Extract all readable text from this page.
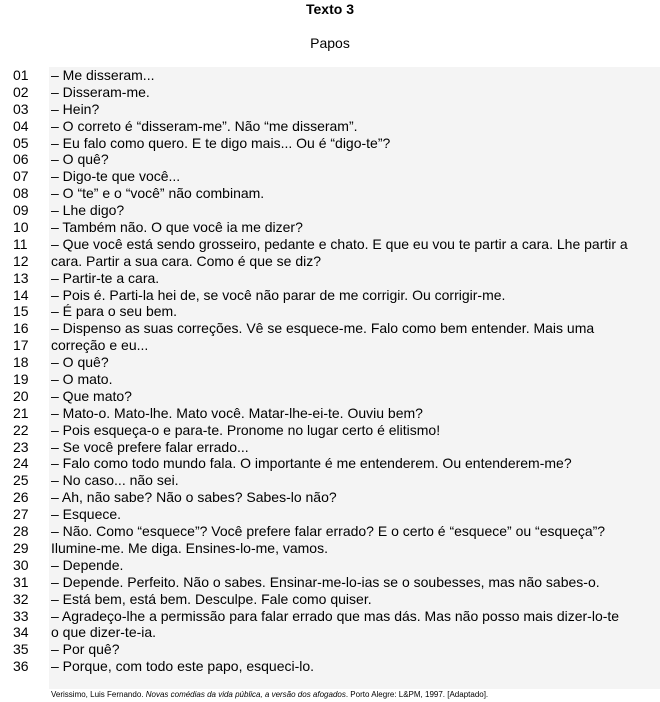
Texto 3
Papos
01
02
03
04
05
06
07
08
09
10
11
12
13
14
15
16
17
18
19
20
21
22
23
24
25
26
27
28
29
30
31
32
33
34
35
36
– Me disseram...
– Disseram-me.
– Hein?
– O correto é “disseram-me”. Não “me disseram”.
– Eu falo como quero. E te digo mais... Ou é “digo-te”?
– O quê?
– Digo-te que você...
– O “te” e o “você” não combinam.
– Lhe digo?
– Também não. O que você ia me dizer?
– Que você está sendo grosseiro, pedante e chato. E que eu vou te partir a cara. Lhe partir a
cara. Partir a sua cara. Como é que se diz?
– Partir-te a cara.
– Pois é. Parti-la hei de, se você não parar de me corrigir. Ou corrigir-me.
– É para o seu bem.
– Dispenso as suas correções. Vê se esquece-me. Falo como bem entender. Mais uma
correção e eu...
– O quê?
– O mato.
– Que mato?
– Mato-o. Mato-lhe. Mato você. Matar-lhe-ei-te. Ouviu bem?
– Pois esqueça-o e para-te. Pronome no lugar certo é elitismo!
– Se você prefere falar errado...
– Falo como todo mundo fala. O importante é me entenderem. Ou entenderem-me?
– No caso... não sei.
– Ah, não sabe? Não o sabes? Sabes-lo não?
– Esquece.
– Não. Como “esquece”? Você prefere falar errado? E o certo é “esquece” ou “esqueça”?
Ilumine-me. Me diga. Ensines-lo-me, vamos.
– Depende.
– Depende. Perfeito. Não o sabes. Ensinar-me-lo-ias se o soubesses, mas não sabes-o.
– Está bem, está bem. Desculpe. Fale como quiser.
– Agradeço-lhe a permissão para falar errado que mas dás. Mas não posso mais dizer-lo-te
o que dizer-te-ia.
– Por quê?
– Porque, com todo este papo, esqueci-lo.
Verissimo, Luis Fernando. Novas comédias da vida pública, a versão dos afogados. Porto Alegre: L&PM, 1997. [Adaptado].
